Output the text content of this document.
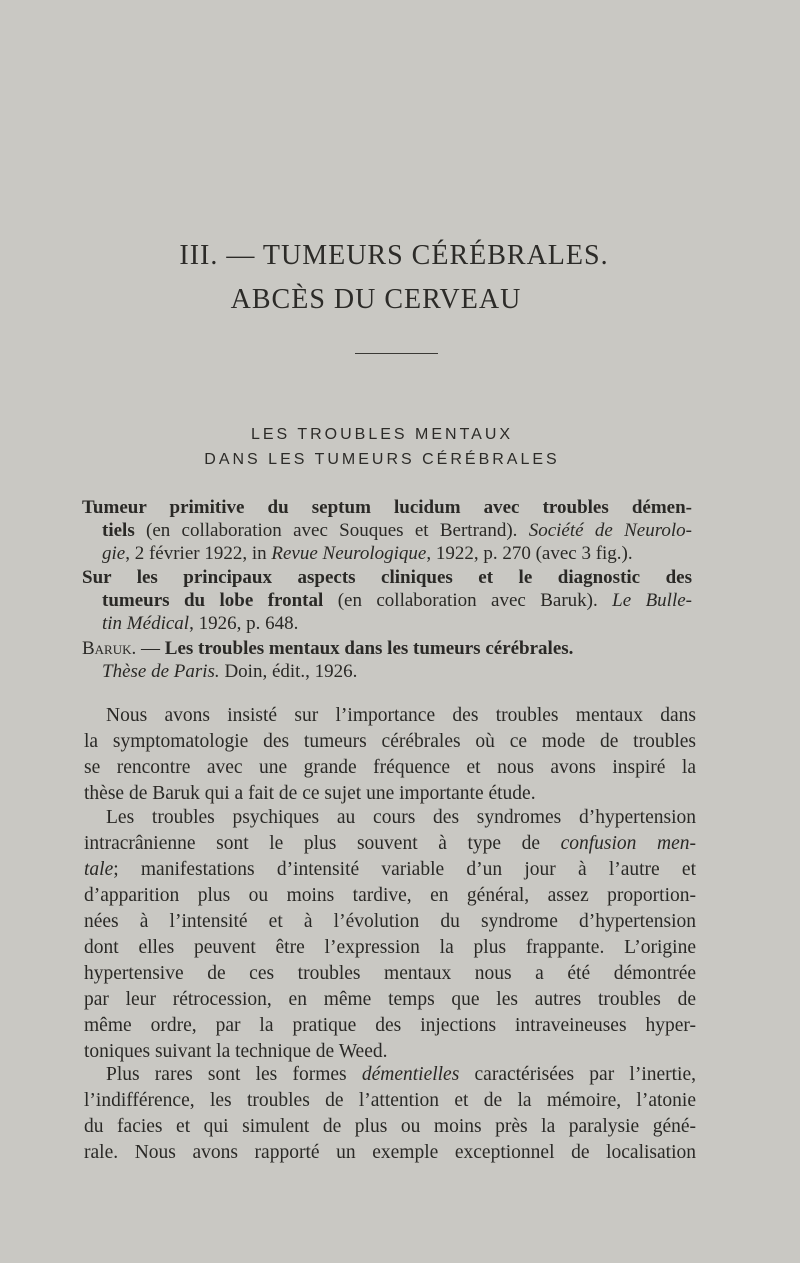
III. — TUMEURS CÉRÉBRALES.
ABCÈS DU CERVEAU
LES TROUBLES MENTAUX
DANS LES TUMEURS CÉRÉBRALES
Tumeur primitive du septum lucidum avec troubles démen-
tiels (en collaboration avec Souques et Bertrand). Société de Neurolo-
gie, 2 février 1922, in Revue Neurologique, 1922, p. 270 (avec 3 fig.).
Sur les principaux aspects cliniques et le diagnostic des
tumeurs du lobe frontal (en collaboration avec Baruk). Le Bulle-
tin Médical, 1926, p. 648.
Baruk. — Les troubles mentaux dans les tumeurs cérébrales.
Thèse de Paris. Doin, édit., 1926.
Nous avons insisté sur l’importance des troubles mentaux dans
la symptomatologie des tumeurs cérébrales où ce mode de troubles
se rencontre avec une grande fréquence et nous avons inspiré la
thèse de Baruk qui a fait de ce sujet une importante étude.
Les troubles psychiques au cours des syndromes d’hypertension
intracrânienne sont le plus souvent à type de confusion men-
tale; manifestations d’intensité variable d’un jour à l’autre et
d’apparition plus ou moins tardive, en général, assez proportion-
nées à l’intensité et à l’évolution du syndrome d’hypertension
dont elles peuvent être l’expression la plus frappante. L’origine
hypertensive de ces troubles mentaux nous a été démontrée
par leur rétrocession, en même temps que les autres troubles de
même ordre, par la pratique des injections intraveineuses hyper-
toniques suivant la technique de Weed.
Plus rares sont les formes démentielles caractérisées par l’inertie,
l’indifférence, les troubles de l’attention et de la mémoire, l’atonie
du facies et qui simulent de plus ou moins près la paralysie géné-
rale. Nous avons rapporté un exemple exceptionnel de localisation
